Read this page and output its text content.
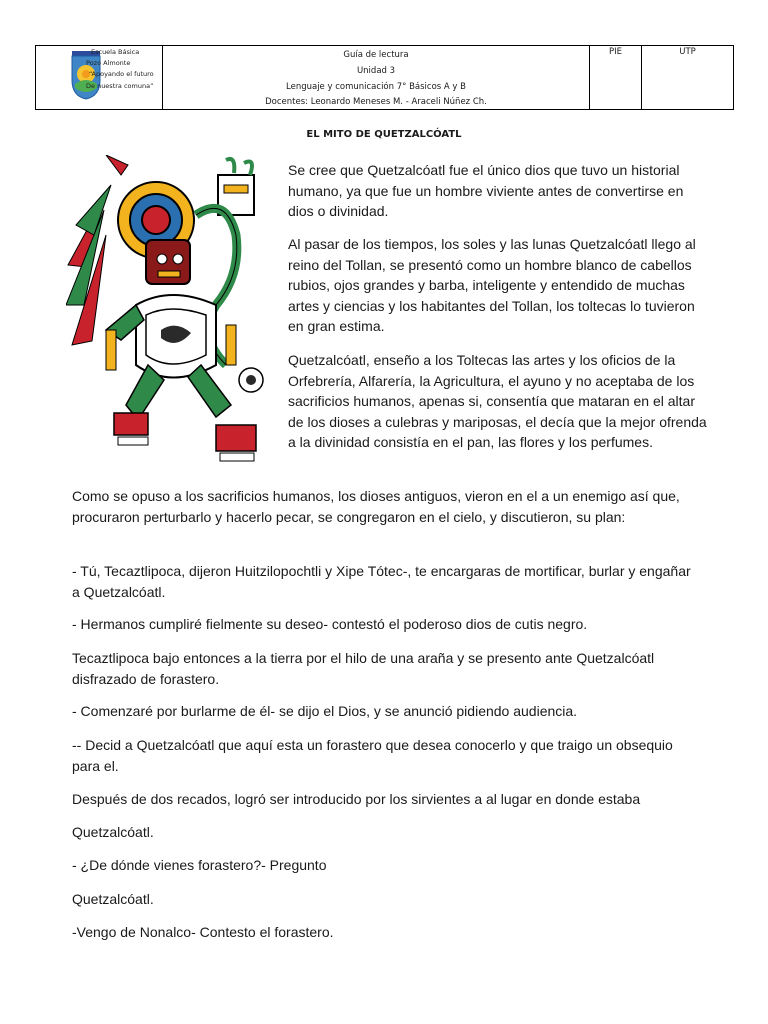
Escuela Básica
Pozo Almonte
“Apoyando el futuro
De nuestra comuna”
Guía de lectura
Unidad 3
Lenguaje y comunicación 7° Básicos A y B
Docentes: Leonardo Meneses M. - Araceli Núñez Ch.
PIE	UTP
EL MITO DE QUETZALCÓATL

Se cree que Quetzalcóatl fue el único dios que tuvo un historial humano, ya que fue un hombre viviente antes de convertirse en dios o divinidad.

Al pasar de los tiempos, los soles y las lunas Quetzalcóatl llego al reino del Tollan, se presentó como un hombre blanco de cabellos rubios, ojos grandes y barba, inteligente y entendido de muchas artes y ciencias y los habitantes del Tollan, los toltecas lo tuvieron en gran estima.

Quetzalcóatl, enseño a los Toltecas las artes y los oficios de la Orfebrería, Alfarería, la Agricultura, el ayuno y no aceptaba de los sacrificios humanos, apenas si, consentía que mataran en el altar de los dioses a culebras y mariposas, el decía que la mejor ofrenda a la divinidad consistía en el pan, las flores y los perfumes.

Como se opuso a los sacrificios humanos, los dioses antiguos, vieron en el a un enemigo así que, procuraron perturbarlo y hacerlo pecar, se congregaron en el cielo, y discutieron, su plan:

- Tú, Tecaztlipoca, dijeron Huitzilopochtli y Xipe Tótec-, te encargaras de mortificar, burlar y engañar a Quetzalcóatl.

- Hermanos cumpliré fielmente su deseo- contestó el poderoso dios de cutis negro.

Tecaztlipoca bajo entonces a la tierra por el hilo de una araña y se presento ante Quetzalcóatl disfrazado de forastero.

- Comenzaré por burlarme de él- se dijo el Dios, y se anunció pidiendo audiencia.

-- Decid a Quetzalcóatl que aquí esta un forastero que desea conocerlo y que traigo un obsequio para el.

Después de dos recados, logró ser introducido por los sirvientes a al lugar en donde estaba

Quetzalcóatl.

- ¿De dónde vienes forastero?- Pregunto

Quetzalcóatl.

-Vengo de Nonalco- Contesto el forastero.
